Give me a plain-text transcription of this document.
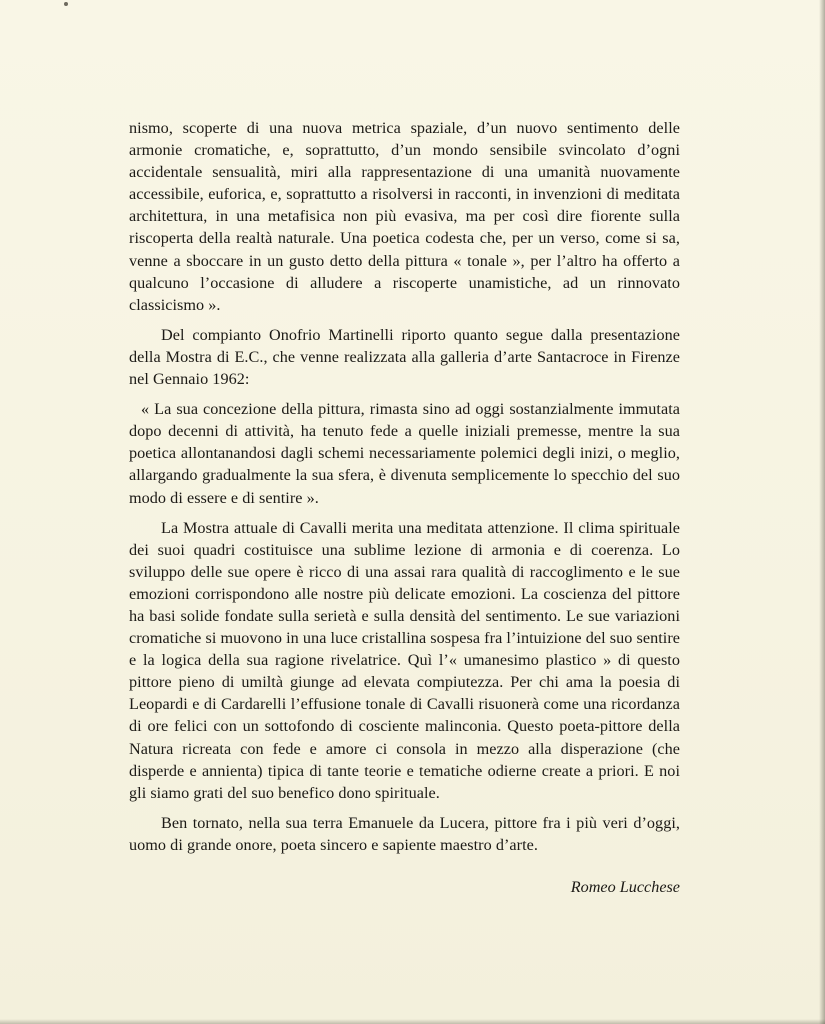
nismo, scoperte di una nuova metrica spaziale, d’un nuovo sentimento delle armonie cromatiche, e, soprattutto, d’un mondo sensibile svincolato d’ogni accidentale sensualità, miri alla rappresentazione di una umanità nuovamente accessibile, euforica, e, soprattutto a risolversi in racconti, in invenzioni di meditata architettura, in una metafisica non più evasiva, ma per così dire fiorente sulla riscoperta della realtà naturale. Una poetica codesta che, per un verso, come si sa, venne a sboccare in un gusto detto della pittura « tonale », per l’altro ha offerto a qualcuno l’occasione di alludere a riscoperte unamistiche, ad un rinnovato classicismo ».

Del compianto Onofrio Martinelli riporto quanto segue dalla presentazione della Mostra di E.C., che venne realizzata alla galleria d’arte Santacroce in Firenze nel Gennaio 1962:

« La sua concezione della pittura, rimasta sino ad oggi sostanzialmente immutata dopo decenni di attività, ha tenuto fede a quelle iniziali premesse, mentre la sua poetica allontanandosi dagli schemi necessariamente polemici degli inizi, o meglio, allargando gradualmente la sua sfera, è divenuta semplicemente lo specchio del suo modo di essere e di sentire ».

La Mostra attuale di Cavalli merita una meditata attenzione. Il clima spirituale dei suoi quadri costituisce una sublime lezione di armonia e di coerenza. Lo sviluppo delle sue opere è ricco di una assai rara qualità di raccoglimento e le sue emozioni corrispondono alle nostre più delicate emozioni. La coscienza del pittore ha basi solide fondate sulla serietà e sulla densità del sentimento. Le sue variazioni cromatiche si muovono in una luce cristallina sospesa fra l’intuizione del suo sentire e la logica della sua ragione rivelatrice. Quì l’« umanesimo plastico » di questo pittore pieno di umiltà giunge ad elevata compiutezza. Per chi ama la poesia di Leopardi e di Cardarelli l’effusione tonale di Cavalli risuonerà come una ricordanza di ore felici con un sottofondo di cosciente malinconia. Questo poeta-pittore della Natura ricreata con fede e amore ci consola in mezzo alla disperazione (che disperde e annienta) tipica di tante teorie e tematiche odierne create a priori. E noi gli siamo grati del suo benefico dono spirituale.

Ben tornato, nella sua terra Emanuele da Lucera, pittore fra i più veri d’oggi, uomo di grande onore, poeta sincero e sapiente maestro d’arte.

Romeo Lucchese
